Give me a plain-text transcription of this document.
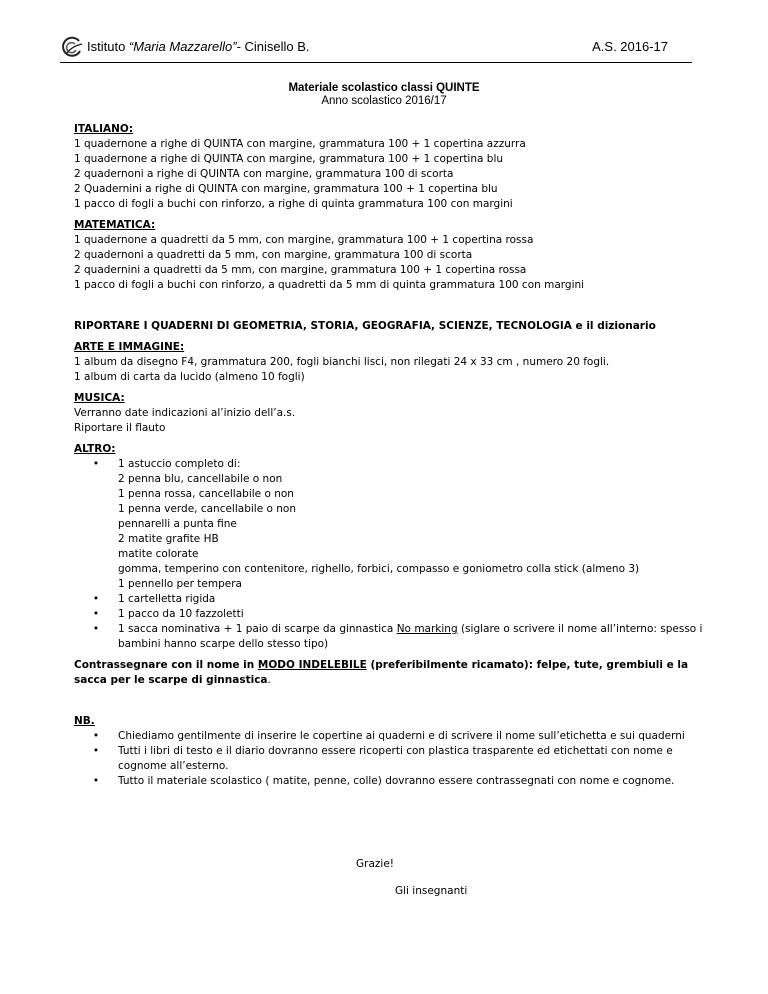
Istituto “Maria Mazzarello”- Cinisello B.	A.S. 2016-17
Materiale scolastico classi QUINTE
Anno scolastico 2016/17
ITALIANO:
1 quadernone a righe di QUINTA con margine, grammatura 100 + 1 copertina azzurra
1 quadernone a righe di QUINTA con margine, grammatura 100 + 1 copertina blu
2 quadernoni a righe di QUINTA con margine, grammatura 100 di scorta
2 Quadernini a righe di QUINTA con margine, grammatura 100 + 1 copertina blu
1 pacco di fogli a buchi con rinforzo, a righe di quinta grammatura 100 con margini
MATEMATICA:
1 quadernone a quadretti da 5 mm, con margine, grammatura 100 + 1 copertina rossa
2 quadernoni a quadretti da 5 mm, con margine, grammatura 100 di scorta
2 quadernini a quadretti da 5 mm, con margine, grammatura 100 + 1 copertina rossa
1 pacco di fogli a buchi con rinforzo, a quadretti da 5 mm di quinta grammatura 100 con margini
RIPORTARE I QUADERNI DI GEOMETRIA, STORIA, GEOGRAFIA, SCIENZE, TECNOLOGIA e il dizionario
ARTE E IMMAGINE:
1 album da disegno F4, grammatura 200, fogli bianchi lisci, non rilegati 24 x 33 cm , numero 20 fogli.
1 album di carta da lucido (almeno 10 fogli)
MUSICA:
Verranno date indicazioni al’inizio dell’a.s.
Riportare il flauto
ALTRO:
•	1 astuccio completo di:
2 penna blu, cancellabile o non
1 penna rossa, cancellabile o non
1 penna verde, cancellabile o non
pennarelli a punta fine
2 matite grafite HB
matite colorate
gomma, temperino con contenitore, righello, forbici, compasso e goniometro colla stick (almeno 3)
1 pennello per tempera
•	1 cartelletta rigida
•	1 pacco da 10 fazzoletti
•	1 sacca nominativa + 1 paio di scarpe da ginnastica No marking (siglare o scrivere il nome all’interno: spesso i bambini hanno scarpe dello stesso tipo)
Contrassegnare con il nome in MODO INDELEBILE (preferibilmente ricamato): felpe, tute, grembiuli e la sacca per le scarpe di ginnastica.
NB.
•	Chiediamo gentilmente di inserire le copertine ai quaderni e di scrivere il nome sull’etichetta e sui quaderni
•	Tutti i libri di testo e il diario dovranno essere ricoperti con plastica trasparente ed etichettati con nome e cognome all’esterno.
•	Tutto il materiale scolastico ( matite, penne, colle) dovranno essere contrassegnati con nome e cognome.
Grazie!
Gli insegnanti
